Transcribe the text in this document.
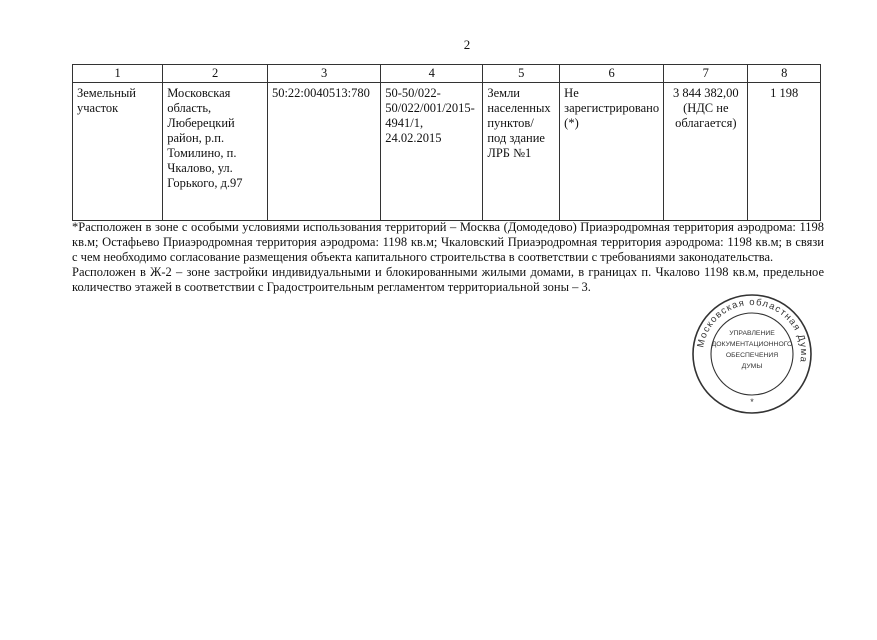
2
1	2	3	4	5	6	7	8
Земельный участок	Московская область, Люберецкий район, р.п. Томилино, п. Чкалово, ул. Горького, д.97	50:22:0040513:780	50-50/022-50/022/001/2015-4941/1, 24.02.2015	Земли населенных пунктов/ под здание ЛРБ №1	Не зарегистрировано (*)	3 844 382,00 (НДС не облагается)	1 198

*Расположен в зоне с особыми условиями использования территорий – Москва (Домодедово) Приаэродромная территория аэродрома: 1198 кв.м; Остафьево Приаэродромная территория аэродрома: 1198 кв.м; Чкаловский Приаэродромная территория аэродрома: 1198 кв.м; в связи с чем необходимо согласование размещения объекта капитального строительства в соответствии с требованиями законодательства.

Расположен в Ж-2 – зоне застройки индивидуальными и блокированными жилыми домами, в границах п. Чкалово 1198 кв.м, предельное количество этажей в соответствии с Градостроительным регламентом территориальной зоны – 3.

Московская областная Дума
УПРАВЛЕНИЕ
ДОКУМЕНТАЦИОННОГО
ОБЕСПЕЧЕНИЯ
ДУМЫ
*
